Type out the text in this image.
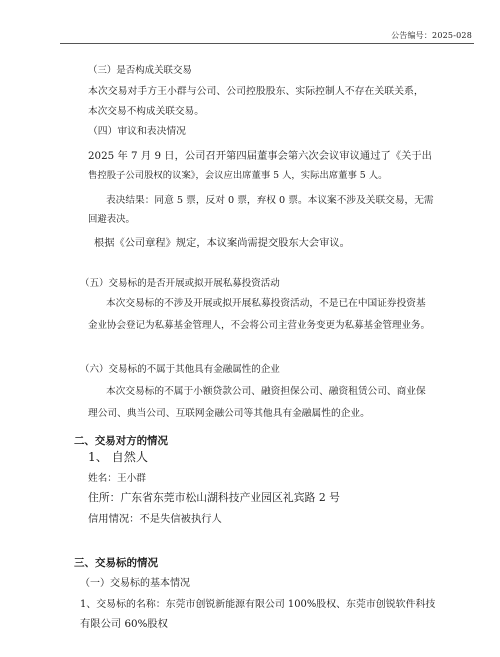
公告编号：2025-028
（三）是否构成关联交易
本次交易对手方王小群与公司、公司控股股东、实际控制人不存在关联关系，
本次交易不构成关联交易。
（四）审议和表决情况
2025 年 7 月 9 日，公司召开第四届董事会第六次会议审议通过了《关于出
售控股子公司股权的议案》，会议应出席董事 5 人，实际出席董事 5 人。
表决结果：同意 5 票，反对 0 票，弃权 0 票。本议案不涉及关联交易，无需
回避表决。
根据《公司章程》规定，本议案尚需提交股东大会审议。
（五）交易标的是否开展或拟开展私募投资活动
本次交易标的不涉及开展或拟开展私募投资活动，不是已在中国证券投资基
金业协会登记为私募基金管理人，不会将公司主营业务变更为私募基金管理业务。
（六）交易标的不属于其他具有金融属性的企业
本次交易标的不属于小额贷款公司、融资担保公司、融资租赁公司、商业保
理公司、典当公司、互联网金融公司等其他具有金融属性的企业。
二、交易对方的情况
1、 自然人
姓名：王小群
住所：广东省东莞市松山湖科技产业园区礼宾路 2 号
信用情况：不是失信被执行人
三、交易标的情况
（一）交易标的基本情况
1、交易标的名称：东莞市创锐新能源有限公司 100%股权、东莞市创锐软件科技
有限公司 60%股权
